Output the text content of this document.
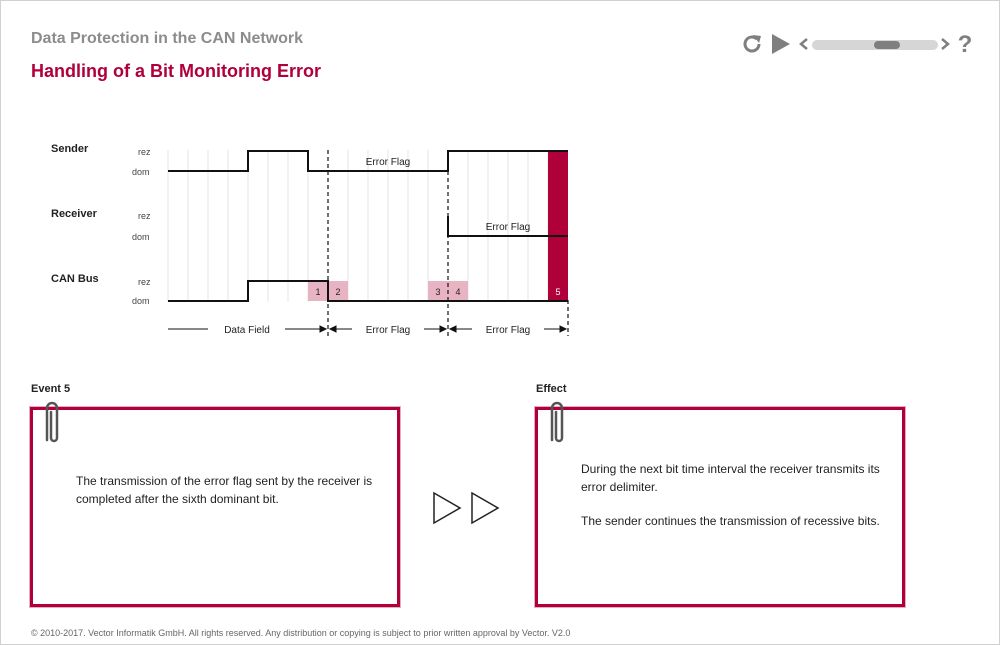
Data Protection in the CAN Network
Handling of a Bit Monitoring Error
?
Sender
Receiver
CAN Bus
rez
dom
rez
dom
rez
dom
1 2	3 4	5
Error Flag
Error Flag
Data Field	Error Flag	Error Flag
Event 5

The transmission of the error flag sent by the receiver is completed after the sixth dominant bit.

Effect

During the next bit time interval the receiver transmits its error delimiter.

The sender continues the transmission of recessive bits.

© 2010-2017. Vector Informatik GmbH. All rights reserved. Any distribution or copying is subject to prior written approval by Vector. V2.0
